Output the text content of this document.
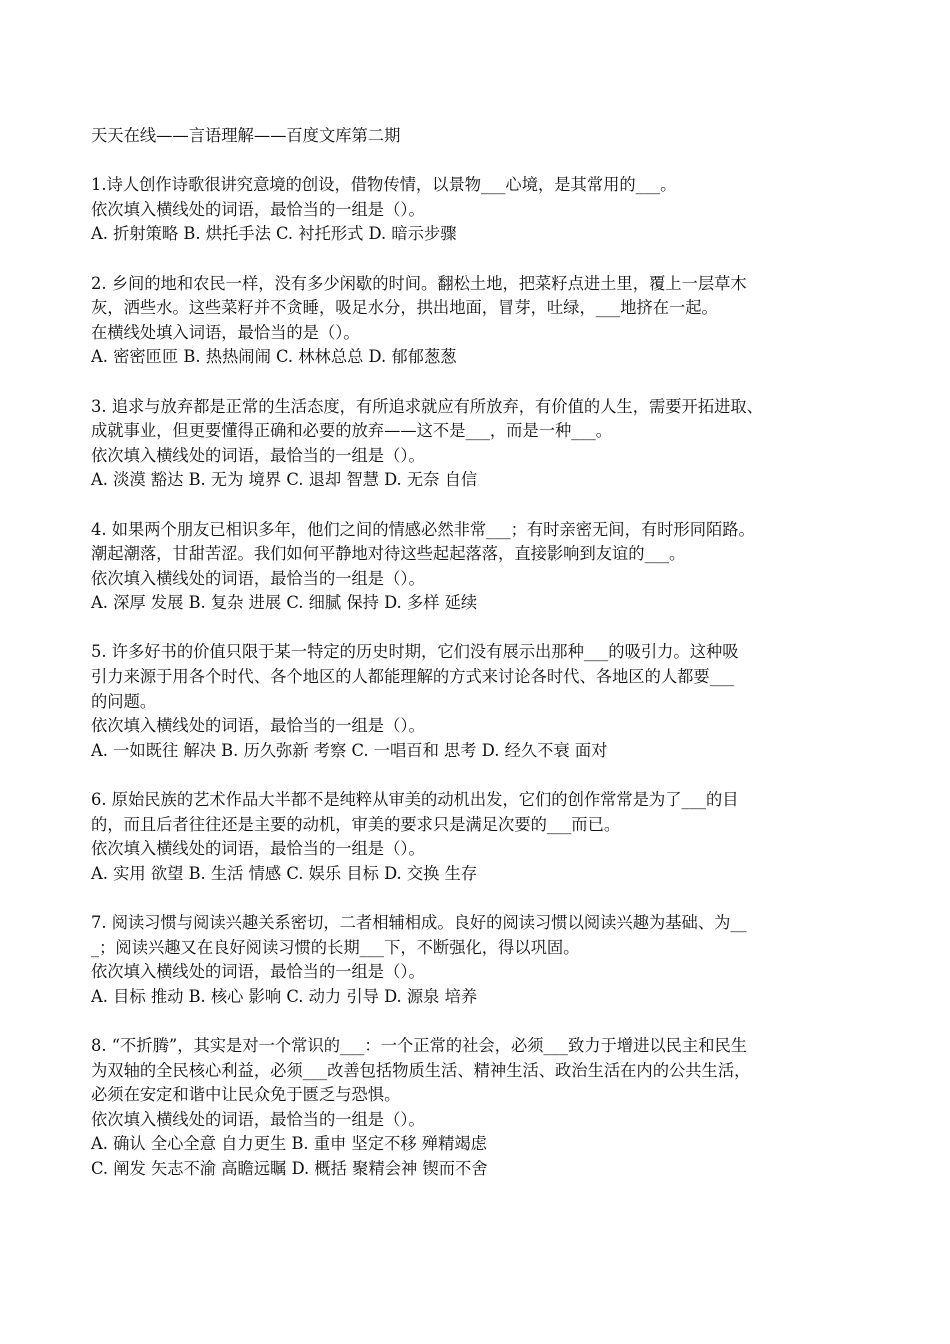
天天在线——言语理解——百度文库第二期
1.诗人创作诗歌很讲究意境的创设，借物传情，以景物___心境，是其常用的___。
依次填入横线处的词语，最恰当的一组是（）。
A. 折射策略 B. 烘托手法 C. 衬托形式 D. 暗示步骤
2. 乡间的地和农民一样，没有多少闲歇的时间。翻松土地，把菜籽点进土里，覆上一层草木
灰，洒些水。这些菜籽并不贪睡，吸足水分，拱出地面，冒芽，吐绿，___地挤在一起。
在横线处填入词语，最恰当的是（）。
A. 密密匝匝 B. 热热闹闹 C. 林林总总 D. 郁郁葱葱
3. 追求与放弃都是正常的生活态度，有所追求就应有所放弃，有价值的人生，需要开拓进取、
成就事业，但更要懂得正确和必要的放弃——这不是___，而是一种___。
依次填入横线处的词语，最恰当的一组是（）。
A. 淡漠 豁达 B. 无为 境界 C. 退却 智慧 D. 无奈 自信
4. 如果两个朋友已相识多年，他们之间的情感必然非常___；有时亲密无间，有时形同陌路。
潮起潮落，甘甜苦涩。我们如何平静地对待这些起起落落，直接影响到友谊的___。
依次填入横线处的词语，最恰当的一组是（）。
A. 深厚 发展 B. 复杂 进展 C. 细腻 保持 D. 多样 延续
5. 许多好书的价值只限于某一特定的历史时期，它们没有展示出那种___的吸引力。这种吸
引力来源于用各个时代、各个地区的人都能理解的方式来讨论各时代、各地区的人都要___
的问题。
依次填入横线处的词语，最恰当的一组是（）。
A. 一如既往 解决 B. 历久弥新 考察 C. 一唱百和 思考 D. 经久不衰 面对
6. 原始民族的艺术作品大半都不是纯粹从审美的动机出发，它们的创作常常是为了___的目
的，而且后者往往还是主要的动机，审美的要求只是满足次要的___而已。
依次填入横线处的词语，最恰当的一组是（）。
A. 实用 欲望 B. 生活 情感 C. 娱乐 目标 D. 交换 生存
7. 阅读习惯与阅读兴趣关系密切，二者相辅相成。良好的阅读习惯以阅读兴趣为基础、为__
_；阅读兴趣又在良好阅读习惯的长期___下，不断强化，得以巩固。
依次填入横线处的词语，最恰当的一组是（）。
A. 目标 推动 B. 核心 影响 C. 动力 引导 D. 源泉 培养
8. “不折腾”，其实是对一个常识的___：一个正常的社会，必须___致力于增进以民主和民生
为双轴的全民核心利益，必须___改善包括物质生活、精神生活、政治生活在内的公共生活，
必须在安定和谐中让民众免于匮乏与恐惧。
依次填入横线处的词语，最恰当的一组是（）。
A. 确认 全心全意 自力更生 B. 重申 坚定不移 殚精竭虑
C. 阐发 矢志不渝 高瞻远瞩 D. 概括 聚精会神 锲而不舍
